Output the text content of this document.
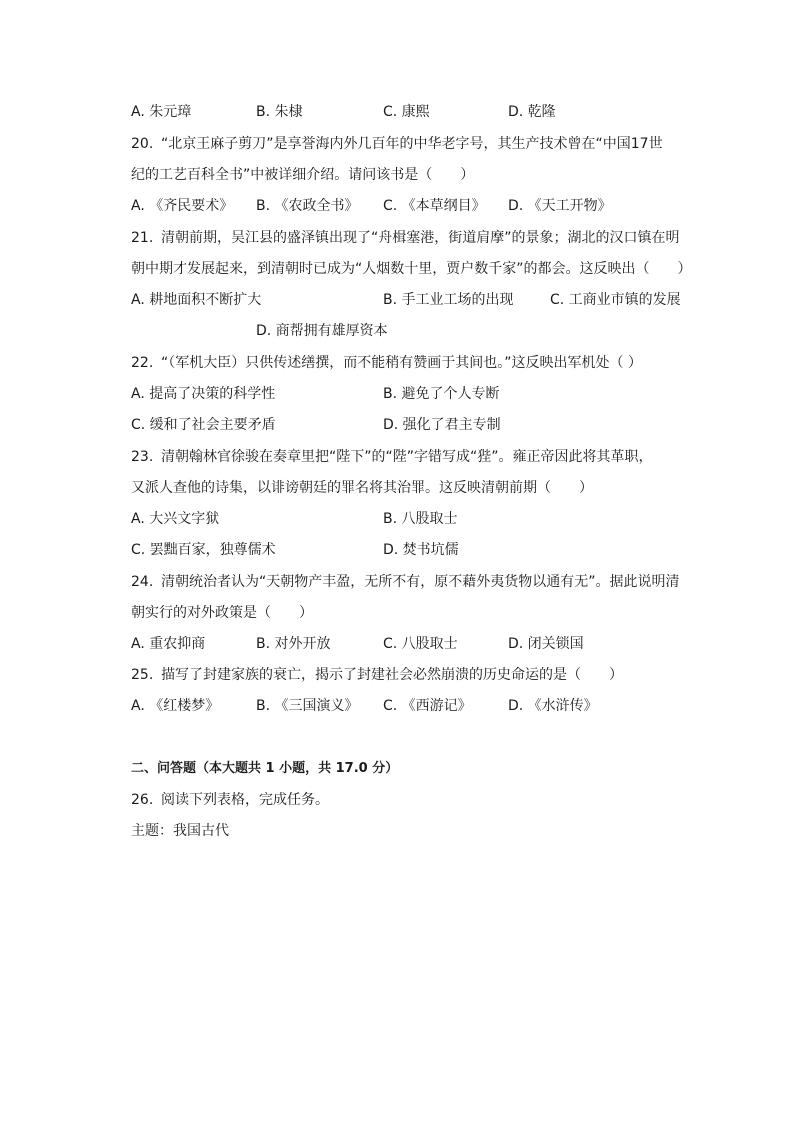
A. 朱元璋	B. 朱棣	C. 康熙	D. 乾隆
20. “北京王麻子剪刀”是享誉海内外几百年的中华老字号，其生产技术曾在“中国17世
纪的工艺百科全书”中被详细介绍。请问该书是（　　）
A. 《齐民要术》 B. 《农政全书》 C. 《本草纲目》 D. 《天工开物》
21. 清朝前期，吴江县的盛泽镇出现了“舟楫塞港，街道肩摩”的景象；湖北的汉口镇在明
朝中期才发展起来，到清朝时已成为“人烟数十里，贾户数千家”的都会。这反映出（　　）
A. 耕地面积不断扩大	B. 手工业工场的出现	C. 工商业市镇的发展
D. 商帮拥有雄厚资本
22. “（军机大臣）只供传述缮撰，而不能稍有赞画于其间也。”这反映出军机处（ ）
A. 提高了决策的科学性	B. 避免了个人专断
C. 缓和了社会主要矛盾	D. 强化了君主专制
23. 清朝翰林官徐骏在奏章里把“陛下”的“陛”字错写成“狴”。雍正帝因此将其革职，
又派人查他的诗集，以诽谤朝廷的罪名将其治罪。这反映清朝前期（　　）
A. 大兴文字狱	B. 八股取士
C. 罢黜百家，独尊儒术	D. 焚书坑儒
24. 清朝统治者认为“天朝物产丰盈，无所不有，原不藉外夷货物以通有无”。据此说明清
朝实行的对外政策是（　　）
A. 重农抑商	B. 对外开放	C. 八股取士	D. 闭关锁国
25. 描写了封建家族的衰亡，揭示了封建社会必然崩溃的历史命运的是（　　）
A. 《红楼梦》	B. 《三国演义》 C. 《西游记》	D. 《水浒传》
二、问答题（本大题共 1 小题，共 17.0 分）
26. 阅读下列表格，完成任务。
主题：我国古代
